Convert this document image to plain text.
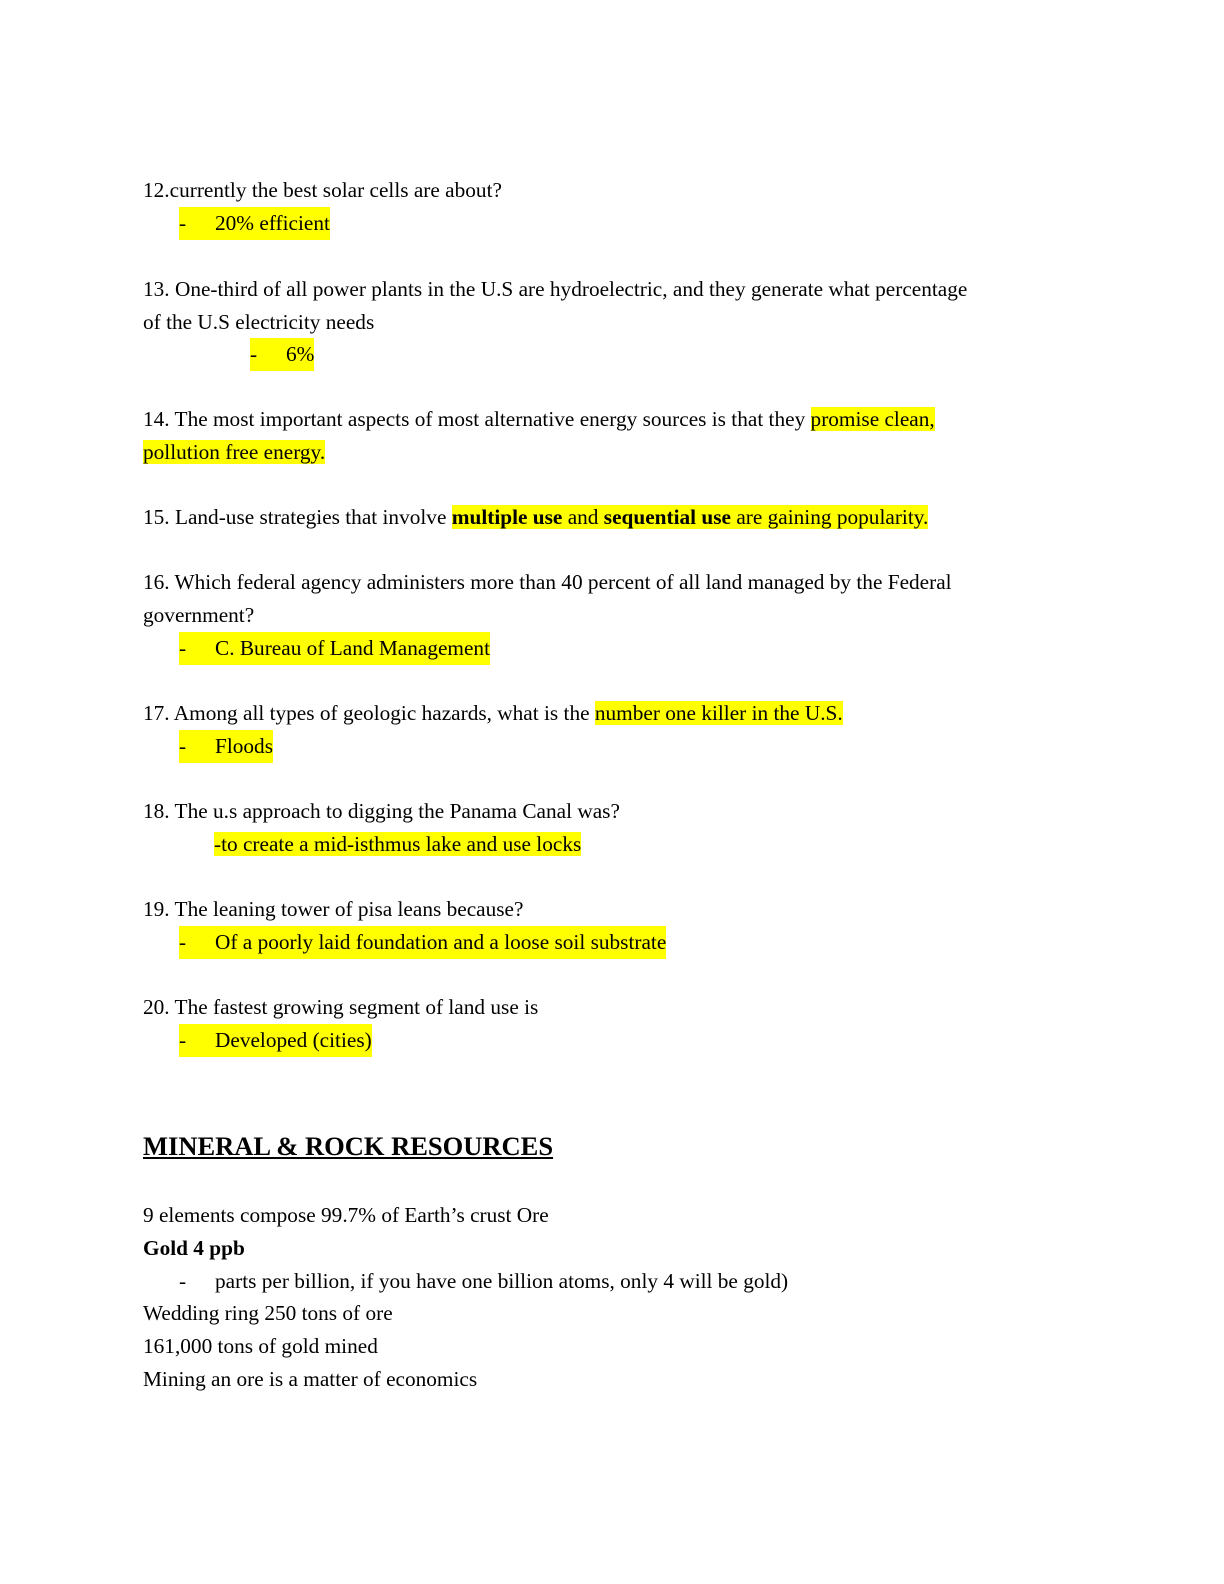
12.currently the best solar cells are about?
- 20% efficient
13. One-third of all power plants in the U.S are hydroelectric, and they generate what percentage
of the U.S electricity needs
- 6%
14. The most important aspects of most alternative energy sources is that they promise clean,
pollution free energy.
15. Land-use strategies that involve multiple use and sequential use are gaining popularity.
16. Which federal agency administers more than 40 percent of all land managed by the Federal
government?
- C. Bureau of Land Management
17. Among all types of geologic hazards, what is the number one killer in the U.S.
- Floods
18. The u.s approach to digging the Panama Canal was?
-to create a mid-isthmus lake and use locks
19. The leaning tower of pisa leans because?
- Of a poorly laid foundation and a loose soil substrate
20. The fastest growing segment of land use is
- Developed (cities)
MINERAL & ROCK RESOURCES
9 elements compose 99.7% of Earth’s crust Ore
Gold 4 ppb
- parts per billion, if you have one billion atoms, only 4 will be gold)
Wedding ring 250 tons of ore
161,000 tons of gold mined
Mining an ore is a matter of economics
